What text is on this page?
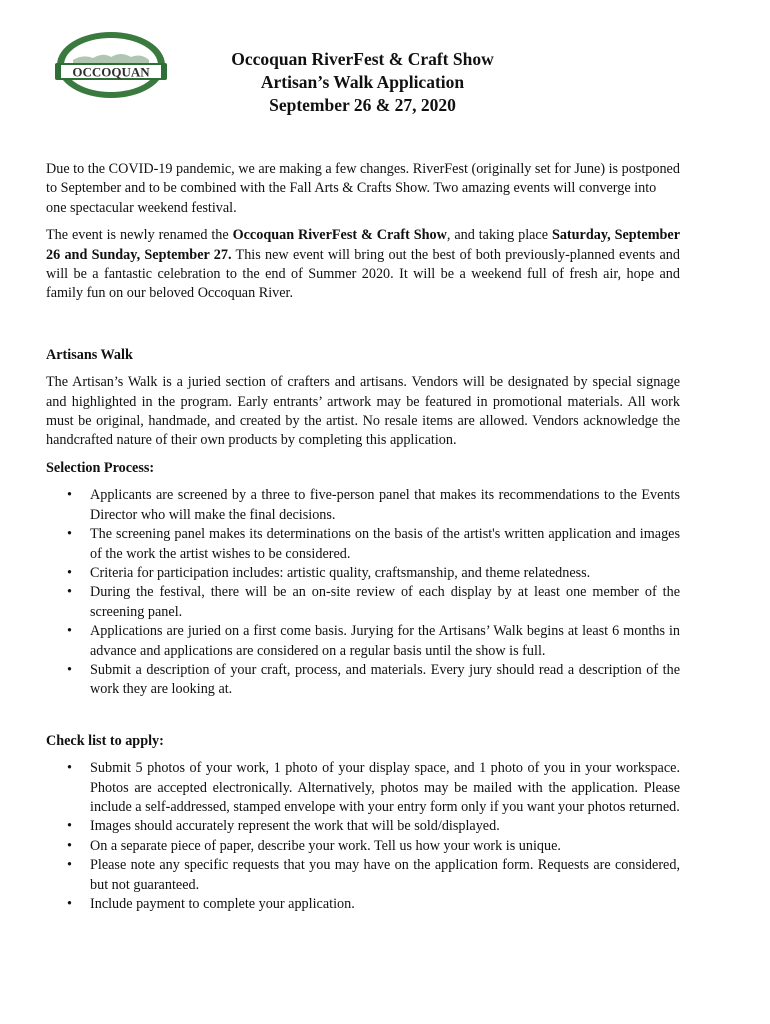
AUTHENTIC
OCCOQUAN
Occoquan RiverFest & Craft Show
Artisan’s Walk Application
September 26 & 27, 2020

Due to the COVID-19 pandemic, we are making a few changes. RiverFest (originally set for June) is postponed to September and to be combined with the Fall Arts & Crafts Show. Two amazing events will converge into one spectacular weekend festival.

The event is newly renamed the Occoquan RiverFest & Craft Show, and taking place Saturday, September 26 and Sunday, September 27. This new event will bring out the best of both previously-planned events and will be a fantastic celebration to the end of Summer 2020. It will be a weekend full of fresh air, hope and family fun on our beloved Occoquan River.

Artisans Walk

The Artisan’s Walk is a juried section of crafters and artisans. Vendors will be designated by special signage and highlighted in the program. Early entrants’ artwork may be featured in promotional materials. All work must be original, handmade, and created by the artist. No resale items are allowed. Vendors acknowledge the handcrafted nature of their own products by completing this application.

Selection Process:

• Applicants are screened by a three to five-person panel that makes its recommendations to the Events Director who will make the final decisions.
• The screening panel makes its determinations on the basis of the artist's written application and images of the work the artist wishes to be considered.
• Criteria for participation includes: artistic quality, craftsmanship, and theme relatedness.
• During the festival, there will be an on-site review of each display by at least one member of the screening panel.
• Applications are juried on a first come basis. Jurying for the Artisans’ Walk begins at least 6 months in advance and applications are considered on a regular basis until the show is full.
• Submit a description of your craft, process, and materials. Every jury should read a description of the work they are looking at.

Check list to apply:

• Submit 5 photos of your work, 1 photo of your display space, and 1 photo of you in your workspace. Photos are accepted electronically. Alternatively, photos may be mailed with the application. Please include a self-addressed, stamped envelope with your entry form only if you want your photos returned.
• Images should accurately represent the work that will be sold/displayed.
• On a separate piece of paper, describe your work. Tell us how your work is unique.
• Please note any specific requests that you may have on the application form. Requests are considered, but not guaranteed.
• Include payment to complete your application.
